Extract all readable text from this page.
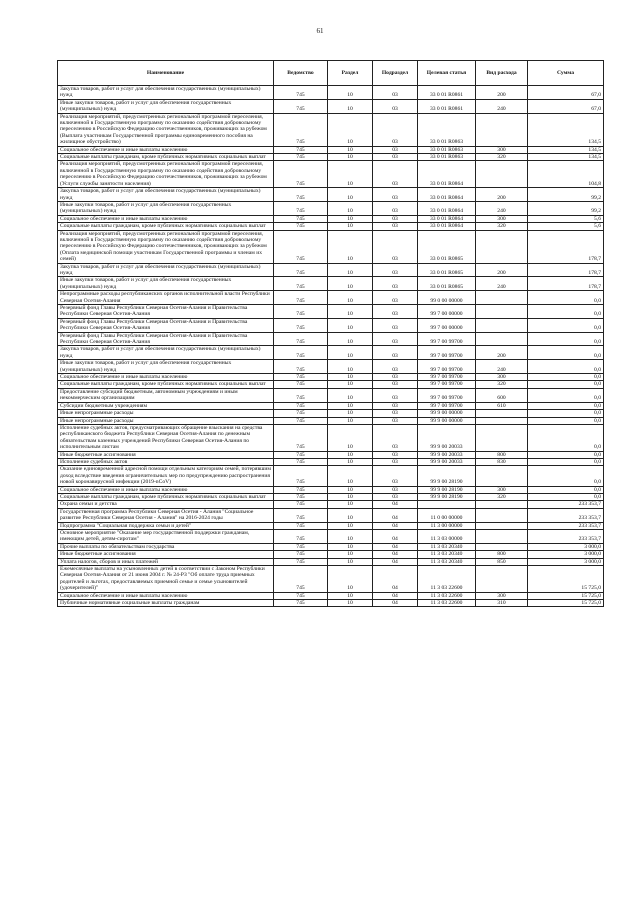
61
Наименование	Ведомство	Раздел	Подраздел	Целевая статья	Вид расхода	Сумма
Закупка товаров, работ и услуг для обеспечения государственных (муниципальных) нужд	745	10	03	33 0 01 R0861	200	67,0
Иные закупки товаров, работ и услуг для обеспечения государственных (муниципальных) нужд	745	10	03	33 0 01 R0861	240	67,0
Реализация мероприятий, предусмотренных региональной программой переселения, включенной в Государственную программу по оказанию содействия добровольному переселению в Российскую Федерацию соотечественников, проживающих за рубежом (Выплата участникам Государственной программы единовременного пособия на жилищное обустройство)	745	10	03	33 0 01 R0863		134,5
Социальное обеспечение и иные выплаты населению	745	10	03	33 0 01 R0863	300	134,5
Социальные выплаты гражданам, кроме публичных нормативных социальных выплат	745	10	03	33 0 01 R0863	320	134,5
Реализация мероприятий, предусмотренных региональной программой переселения, включенной в Государственную программу по оказанию содействия добровольному переселению в Российскую Федерацию соотечественников, проживающих за рубежом (Услуги службы занятости населения)	745	10	03	33 0 01 R0864		104,8
Закупка товаров, работ и услуг для обеспечения государственных (муниципальных) нужд	745	10	03	33 0 01 R0864	200	99,2
Иные закупки товаров, работ и услуг для обеспечения государственных (муниципальных) нужд	745	10	03	33 0 01 R0864	240	99,2
Социальное обеспечение и иные выплаты населению	745	10	03	33 0 01 R0864	300	5,6
Социальные выплаты гражданам, кроме публичных нормативных социальных выплат	745	10	03	33 0 01 R0864	320	5,6
Реализация мероприятий, предусмотренных региональной программой переселения, включенной в Государственную программу по оказанию содействия добровольному переселению в Российскую Федерацию соотечественников, проживающих за рубежом (Оплата медицинской помощи участникам Государственной программы и членам их семей)	745	10	03	33 0 01 R0865		178,7
Закупка товаров, работ и услуг для обеспечения государственных (муниципальных) нужд	745	10	03	33 0 01 R0865	200	178,7
Иные закупки товаров, работ и услуг для обеспечения государственных (муниципальных) нужд	745	10	03	33 0 01 R0865	240	178,7
Непрограммные расходы республиканских органов исполнительной власти Республики Северная Осетия-Алания	745	10	03	99 0 00 00000		0,0
Резервный фонд Главы Республики Северная Осетия-Алания и Правительства Республики Северная Осетия-Алания	745	10	03	99 7 00 00000		0,0
Резервный фонд Главы Республики Северная Осетия-Алания и Правительства Республики Северная Осетия-Алания	745	10	03	99 7 00 00000		0,0
Резервный фонд Главы Республики Северная Осетия-Алания и Правительства Республики Северная Осетия-Алания	745	10	03	99 7 00 99700		0,0
Закупка товаров, работ и услуг для обеспечения государственных (муниципальных) нужд	745	10	03	99 7 00 99700	200	0,0
Иные закупки товаров, работ и услуг для обеспечения государственных (муниципальных) нужд	745	10	03	99 7 00 99700	240	0,0
Социальное обеспечение и иные выплаты населению	745	10	03	99 7 00 99700	300	0,0
Социальные выплаты гражданам, кроме публичных нормативных социальных выплат	745	10	03	99 7 00 99700	320	0,0
Предоставление субсидий бюджетным, автономным учреждениям и иным некоммерческим организациям	745	10	03	99 7 00 99700	600	0,0
Субсидии бюджетным учреждениям	745	10	03	99 7 00 99700	610	0,0
Иные непрограммные расходы	745	10	03	99 9 00 00000		0,0
Иные непрограммные расходы	745	10	03	99 9 00 00000		0,0
Исполнение судебных актов, предусматривающих обращение взыскания на средства республиканского бюджета Республики Северная Осетия-Алания по денежным обязательствам казенных учреждений Республики Северная Осетия-Алания по исполнительным листам	745	10	03	99 9 00 20033		0,0
Иные бюджетные ассигнования	745	10	03	99 9 00 20033	800	0,0
Исполнение судебных актов	745	10	03	99 9 00 20033	830	0,0
Оказание единовременной адресной помощи отдельным категориям семей, потерявшим доход вследствие введения ограничительных мер по предупреждению распространения новой коронавирусной инфекции (2019-nCoV)	745	10	03	99 9 00 28190		0,0
Социальное обеспечение и иные выплаты населению	745	10	03	99 9 00 28190	300	0,0
Социальные выплаты гражданам, кроме публичных нормативных социальных выплат	745	10	03	99 9 00 28190	320	0,0
Охрана семьи и детства	745	10	04			233 353,7
Государственная программа Республики Северная Осетия - Алания "Социальное развитие Республики Северная Осетия - Алания" на 2016-2024 годы	745	10	04	11 0 00 00000		233 353,7
Подпрограмма "Социальная поддержка семьи и детей"	745	10	04	11 3 00 00000		233 353,7
Основное мероприятие "Оказание мер государственной поддержки гражданам, имеющим детей, детям-сиротам"	745	10	04	11 3 03 00000		233 353,7
Прочие выплаты по обязательствам государства	745	10	04	11 3 03 20340		3 000,0
Иные бюджетные ассигнования	745	10	04	11 3 03 20340	800	3 000,0
Уплата налогов, сборов и иных платежей	745	10	04	11 3 03 20340	850	3 000,0
Ежемесячные выплаты на усыновленных детей в соответствии с Законом Республики Северная Осетия-Алания от 21 июня 2004 г. № 24-РЗ "Об оплате труда приемных родителей и льготах, предоставляемых приемной семье и семье усыновителей (удочерителей)"	745	10	04	11 3 03 22600		15 725,0
Социальное обеспечение и иные выплаты населению	745	10	04	11 3 03 22600	300	15 725,0
Публичные нормативные социальные выплаты гражданам	745	10	04	11 3 03 22600	310	15 725,0
